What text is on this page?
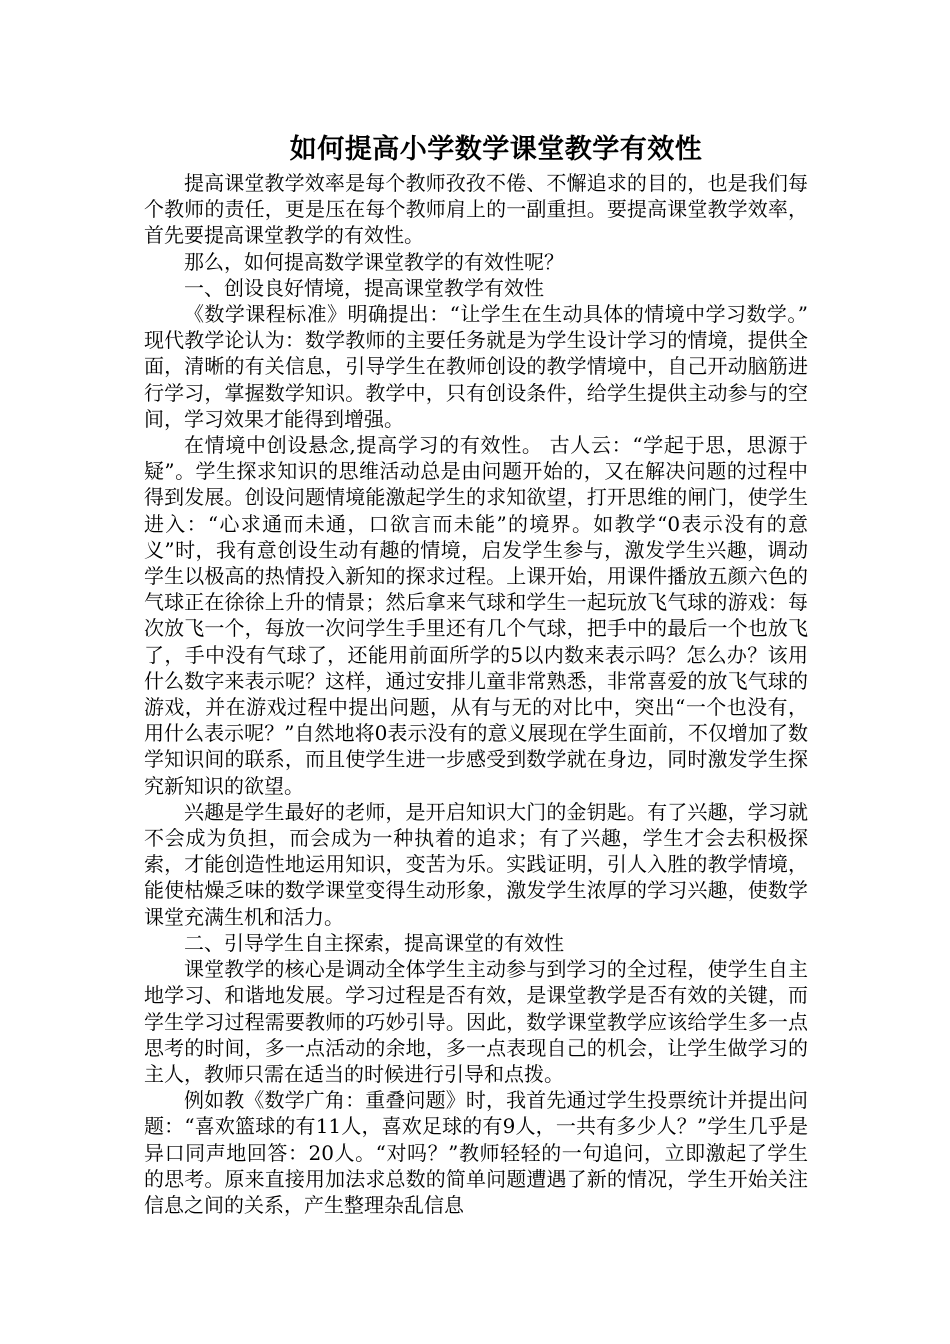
如何提高小学数学课堂教学有效性

提高课堂教学效率是每个教师孜孜不倦、不懈追求的目的，也是我们每个教师的责任，更是压在每个教师肩上的一副重担。要提高课堂教学效率，首先要提高课堂教学的有效性。

那么，如何提高数学课堂教学的有效性呢？

一、创设良好情境，提高课堂教学有效性

《数学课程标准》明确提出：“让学生在生动具体的情境中学习数学。” 现代教学论认为：数学教师的主要任务就是为学生设计学习的情境，提供全面，清晰的有关信息，引导学生在教师创设的教学情境中，自己开动脑筋进行学习，掌握数学知识。教学中，只有创设条件，给学生提供主动参与的空间，学习效果才能得到增强。

在情境中创设悬念,提高学习的有效性。 古人云：“学起于思，思源于疑”。学生探求知识的思维活动总是由问题开始的，又在解决问题的过程中得到发展。创设问题情境能激起学生的求知欲望，打开思维的闸门，使学生进入：“心求通而未通，口欲言而未能”的境界。如教学“0表示没有的意义”时，我有意创设生动有趣的情境，启发学生参与，激发学生兴趣，调动学生以极高的热情投入新知的探求过程。上课开始，用课件播放五颜六色的气球正在徐徐上升的情景；然后拿来气球和学生一起玩放飞气球的游戏：每次放飞一个，每放一次问学生手里还有几个气球，把手中的最后一个也放飞了，手中没有气球了，还能用前面所学的5以内数来表示吗？怎么办？该用什么数字来表示呢？这样，通过安排儿童非常熟悉，非常喜爱的放飞气球的游戏，并在游戏过程中提出问题，从有与无的对比中，突出“一个也没有，用什么表示呢？”自然地将0表示没有的意义展现在学生面前，不仅增加了数学知识间的联系，而且使学生进一步感受到数学就在身边，同时激发学生探究新知识的欲望。

兴趣是学生最好的老师，是开启知识大门的金钥匙。有了兴趣，学习就不会成为负担，而会成为一种执着的追求；有了兴趣，学生才会去积极探索，才能创造性地运用知识，变苦为乐。实践证明，引人入胜的教学情境，能使枯燥乏味的数学课堂变得生动形象，激发学生浓厚的学习兴趣，使数学课堂充满生机和活力。

二、引导学生自主探索，提高课堂的有效性

课堂教学的核心是调动全体学生主动参与到学习的全过程，使学生自主地学习、和谐地发展。学习过程是否有效，是课堂教学是否有效的关键，而学生学习过程需要教师的巧妙引导。因此，数学课堂教学应该给学生多一点思考的时间，多一点活动的余地，多一点表现自己的机会，让学生做学习的主人，教师只需在适当的时候进行引导和点拨。

例如教《数学广角：重叠问题》时，我首先通过学生投票统计并提出问题：“喜欢篮球的有11人，喜欢足球的有9人，一共有多少人？”学生几乎是异口同声地回答：20人。“对吗？”教师轻轻的一句追问，立即激起了学生的思考。原来直接用加法求总数的简单问题遭遇了新的情况，学生开始关注信息之间的关系，产生整理杂乱信息
